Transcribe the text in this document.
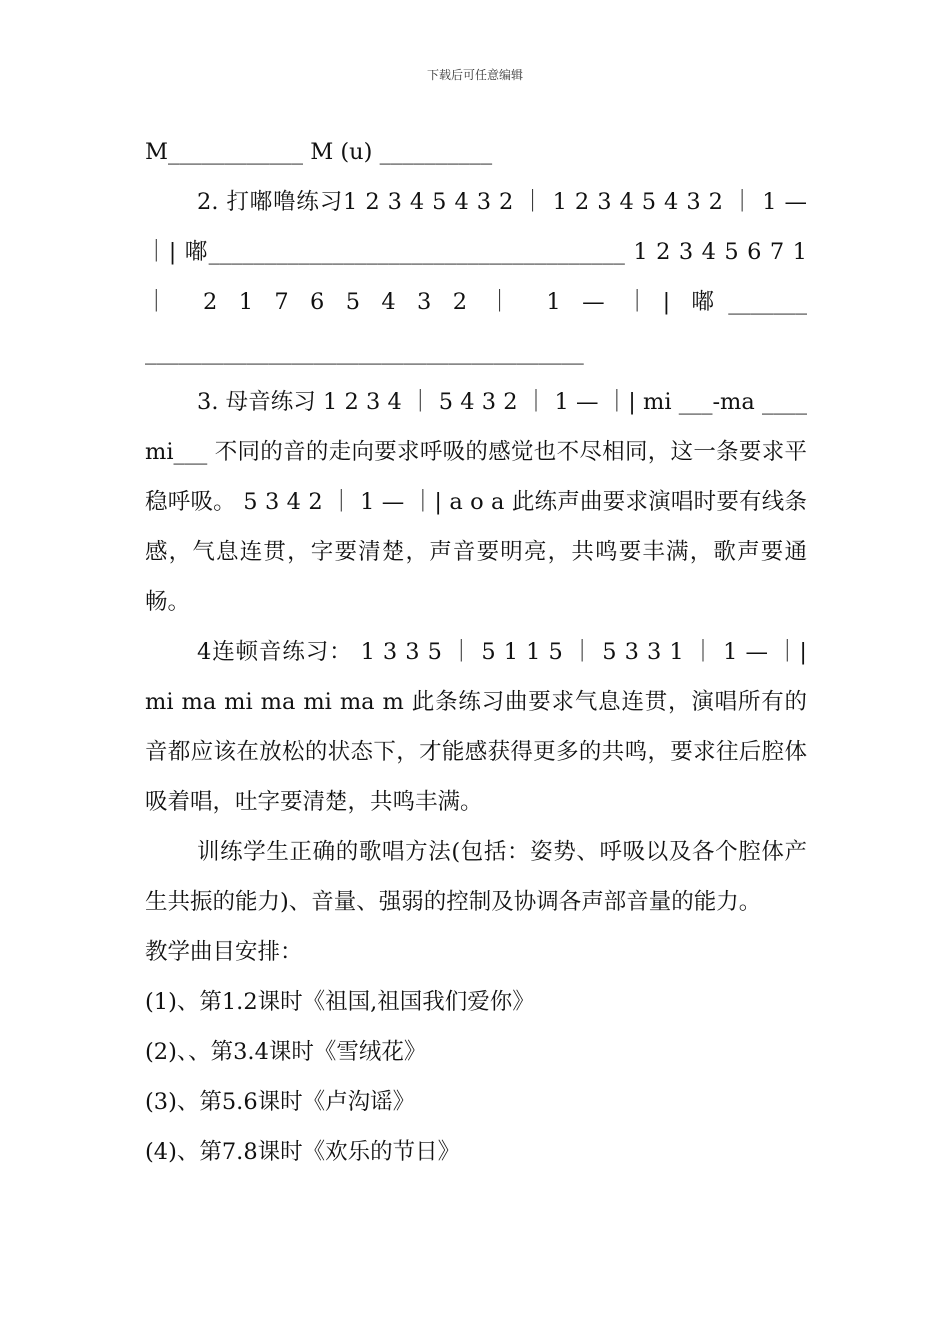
下载后可任意编辑

M____________ M (u) __________

2. 打嘟噜练习1 2 3 4 5 4 3 2 ｜ 1 2 3 4 5 4 3 2 ｜ 1 — ｜| 嘟_____________________________________ 1 2 3 4 5 6 7 1 ｜ 2 1 7 6 5 4 3 2 ｜ 1 — ｜| 嘟_______

_______________________________________

3. 母音练习 1 2 3 4 ｜ 5 4 3 2 ｜ 1 — ｜| mi ___-ma ____ mi___ 不同的音的走向要求呼吸的感觉也不尽相同，这一条要求平稳呼吸。 5 3 4 2 ｜ 1 — ｜| a o a 此练声曲要求演唱时要有线条感，气息连贯，字要清楚，声音要明亮，共鸣要丰满，歌声要通畅。

4连顿音练习： 1 3 3 5 ｜ 5 1 1 5 ｜ 5 3 3 1 ｜ 1 — ｜| mi ma mi ma mi ma m 此条练习曲要求气息连贯，演唱所有的音都应该在放松的状态下，才能感获得更多的共鸣，要求往后腔体吸着唱，吐字要清楚，共鸣丰满。

训练学生正确的歌唱方法(包括：姿势、呼吸以及各个腔体产生共振的能力)、音量、强弱的控制及协调各声部音量的能力。

教学曲目安排：

(1)、第1.2课时《祖国,祖国我们爱你》

(2)、、第3.4课时《雪绒花》

(3)、第5.6课时《卢沟谣》

(4)、第7.8课时《欢乐的节日》
